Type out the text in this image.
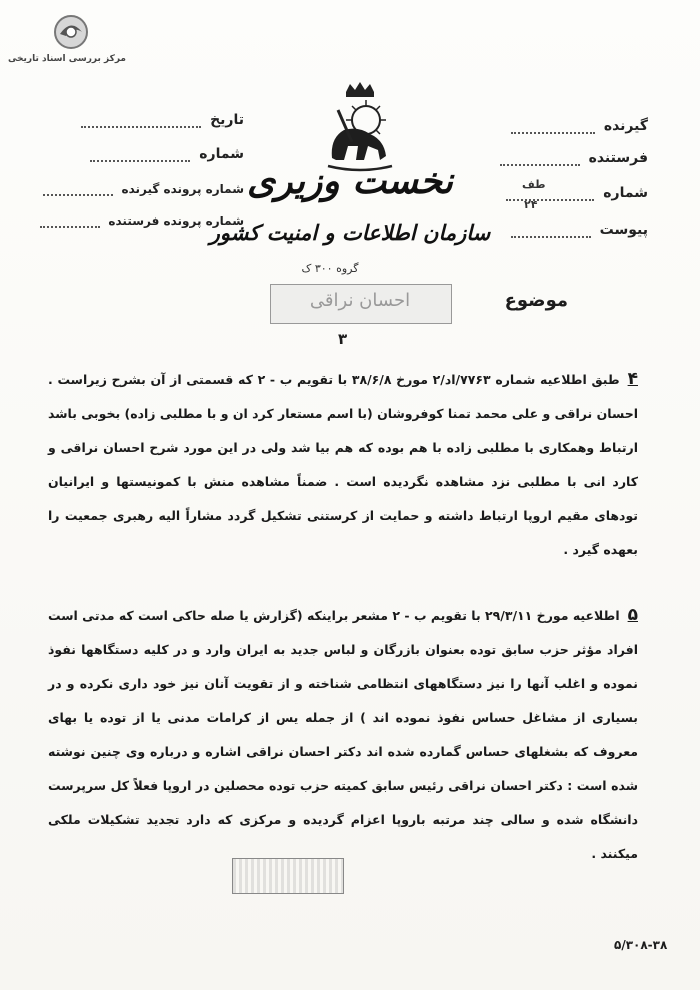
مرکز بررسی اسناد تاریخی
گیرنده
فرستنده
شماره
طف
۲۴
پیوست
تاریخ
شماره
شماره پرونده گیرنده
شماره پرونده فرستنده
نخست وزیری
سازمان اطلاعات و امنیت کشور
گروه ۳۰۰ ک
موضوع
احسان نراقی
۳
۴طبق اطلاعیه شماره ۷۷۶۳/اد/۲ مورخ ۳۸/۶/۸ با تقویم ب - ۲ که قسمتی از آن بشرح زیراست . احسان نراقی و علی محمد تمنا کوفروشان (با اسم مستعار کرد ان و با مطلبی زاده) بخوبی باشد ارتباط وهمکاری با مطلبی زاده با هم بوده که هم بیا شد ولی در این مورد شرح احسان نراقی و کارد انی با مطلبی نزد مشاهده نگردیده است . ضمناً مشاهده منش با کمونیستها و ایرانیان تودهای مقیم اروپا ارتباط داشته و حمایت از کرستنی تشکیل گردد مشاراً الیه رهبری جمعیت را بعهده گیرد .
۵اطلاعیه مورخ ۲۹/۳/۱۱ با تقویم ب - ۲ مشعر براینکه (گزارش یا صله حاکی است که مدتی است افراد مؤثر حزب سابق توده بعنوان بازرگان و لباس جدید به ایران وارد و در کلیه دستگاهها نفوذ نموده و اغلب آنها را نیز دستگاههای انتظامی شناخته و از تقویت آنان نیز خود داری نکرده و در بسیاری از مشاغل حساس نفوذ نموده اند ) از جمله یس از کرامات مدنی یا از توده یا بهای معروف که بشغلهای حساس گمارده شده اند دکتر احسان نراقی اشاره و درباره وی چنین نوشته شده است : دکتر احسان نراقی رئیس سابق کمیته حزب توده محصلین در اروپا فعلاً کل سرپرست دانشگاه شده و سالی چند مرتبه باروپا اعزام گردیده و مرکزی که دارد تجدید تشکیلات ملکی میکنند .
۵/۳۰۸-۳۸
